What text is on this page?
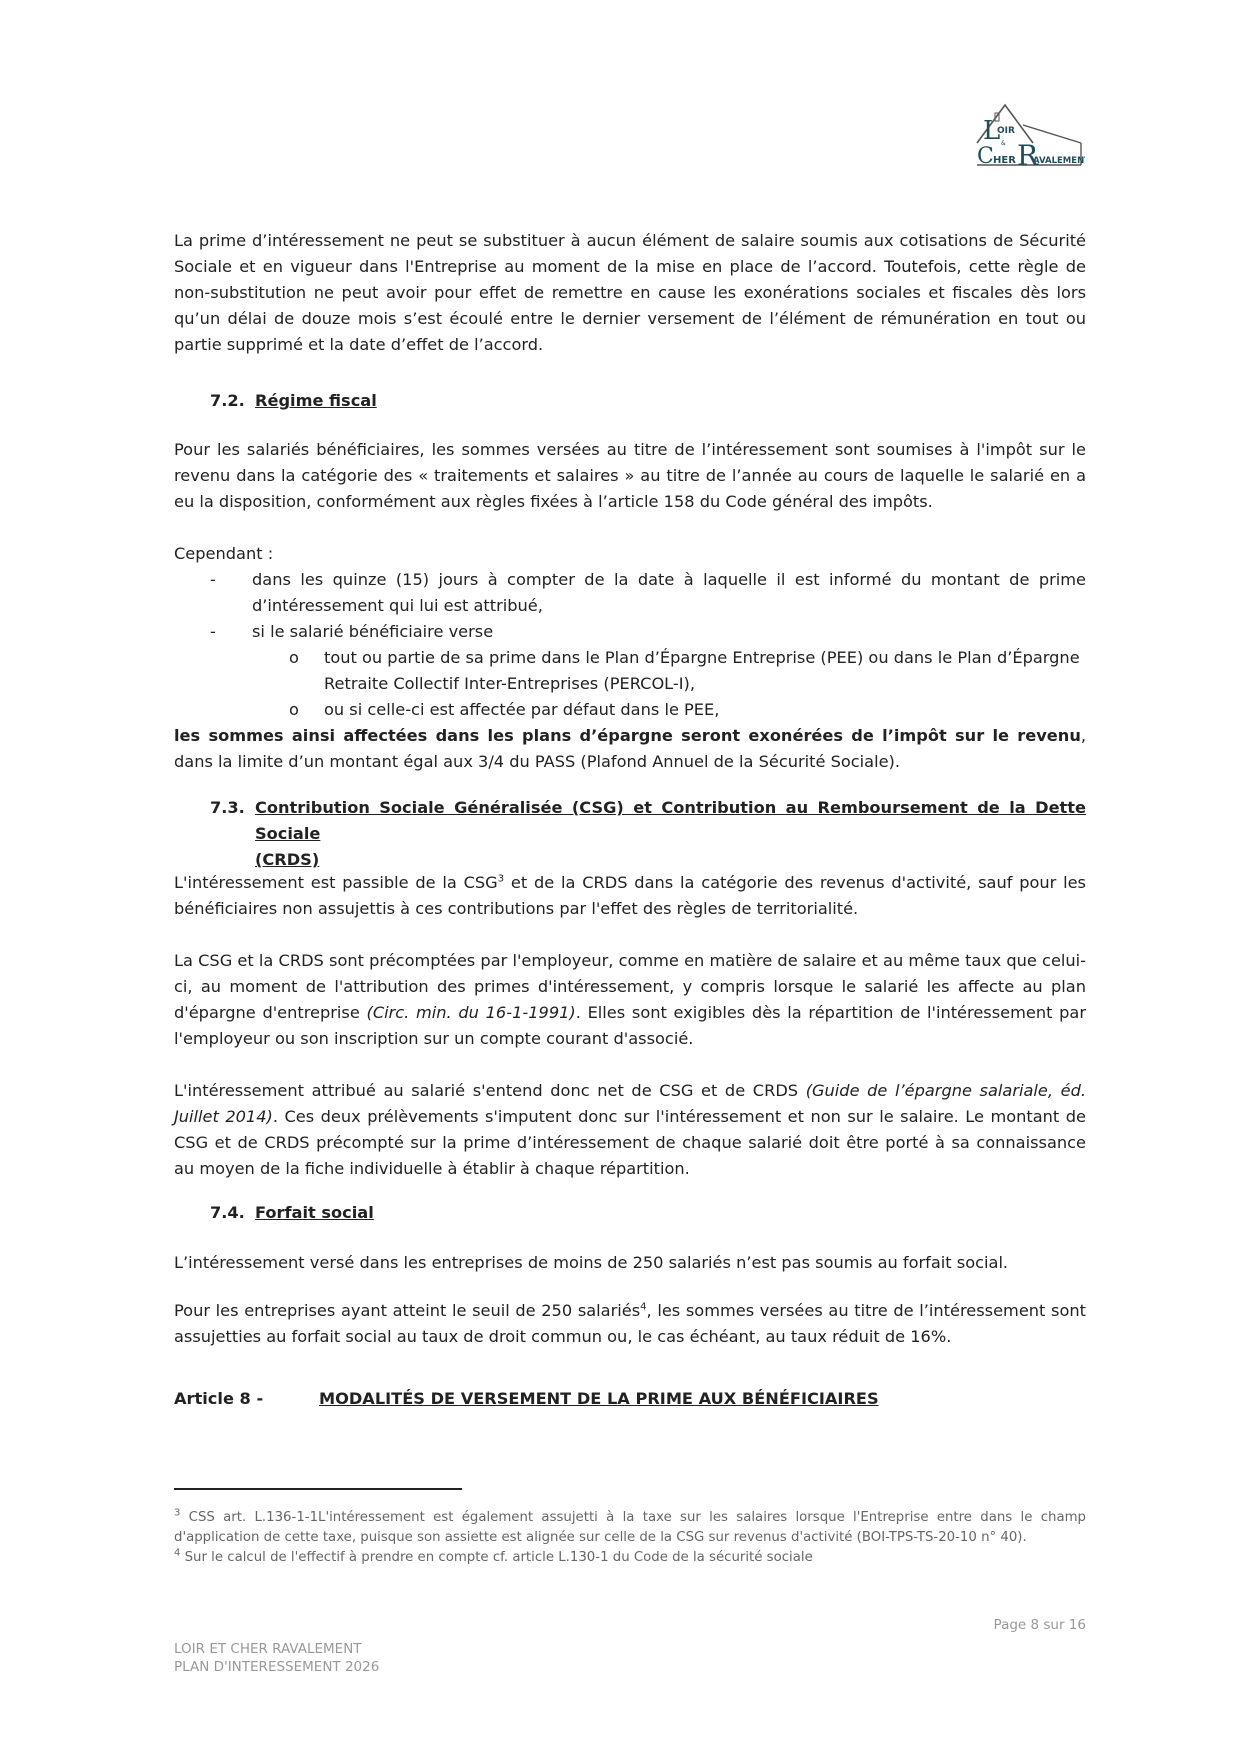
L
OIR
&
C HER R
AVALEMENT

La prime d’intéressement ne peut se substituer à aucun élément de salaire soumis aux cotisations de Sécurité Sociale et en vigueur dans l'Entreprise au moment de la mise en place de l’accord. Toutefois, cette règle de non-substitution ne peut avoir pour effet de remettre en cause les exonérations sociales et fiscales dès lors qu’un délai de douze mois s’est écoulé entre le dernier versement de l’élément de rémunération en tout ou partie supprimé et la date d’effet de l’accord.

7.2. Régime fiscal

Pour les salariés bénéficiaires, les sommes versées au titre de l’intéressement sont soumises à l'impôt sur le revenu dans la catégorie des « traitements et salaires » au titre de l’année au cours de laquelle le salarié en a eu la disposition, conformément aux règles fixées à l’article 158 du Code général des impôts.

Cependant :

- dans les quinze (15) jours à compter de la date à laquelle il est informé du montant de prime d’intéressement qui lui est attribué,

- si le salarié bénéficiaire verse

o tout ou partie de sa prime dans le Plan d’Épargne Entreprise (PEE) ou dans le Plan d’Épargne Retraite Collectif Inter-Entreprises (PERCOL-I),

o ou si celle-ci est affectée par défaut dans le PEE,

les sommes ainsi affectées dans les plans d’épargne seront exonérées de l’impôt sur le revenu, dans la limite d’un montant égal aux 3/4 du PASS (Plafond Annuel de la Sécurité Sociale).

7.3. Contribution Sociale Généralisée (CSG) et Contribution au Remboursement de la Dette Sociale
(CRDS)

L'intéressement est passible de la CSG$^3$ et de la CRDS dans la catégorie des revenus d'activité, sauf pour les bénéficiaires non assujettis à ces contributions par l'effet des règles de territorialité.

La CSG et la CRDS sont précomptées par l'employeur, comme en matière de salaire et au même taux que celui-ci, au moment de l'attribution des primes d'intéressement, y compris lorsque le salarié les affecte au plan d'épargne d'entreprise (Circ. min. du 16-1-1991). Elles sont exigibles dès la répartition de l'intéressement par l'employeur ou son inscription sur un compte courant d'associé.

L'intéressement attribué au salarié s'entend donc net de CSG et de CRDS (Guide de l’épargne salariale, éd. Juillet 2014). Ces deux prélèvements s'imputent donc sur l'intéressement et non sur le salaire. Le montant de CSG et de CRDS précompté sur la prime d’intéressement de chaque salarié doit être porté à sa connaissance au moyen de la fiche individuelle à établir à chaque répartition.

7.4. Forfait social

L’intéressement versé dans les entreprises de moins de 250 salariés n’est pas soumis au forfait social.

Pour les entreprises ayant atteint le seuil de 250 salariés$^4$, les sommes versées au titre de l’intéressement sont assujetties au forfait social au taux de droit commun ou, le cas échéant, au taux réduit de 16%.

Article 8 -	MODALITÉS DE VERSEMENT DE LA PRIME AUX BÉNÉFICIAIRES

$^3$ CSS art. L.136-1-1L'intéressement est également assujetti à la taxe sur les salaires lorsque l'Entreprise entre dans le champ d'application de cette taxe, puisque son assiette est alignée sur celle de la CSG sur revenus d'activité (BOI-TPS-TS-20-10 n° 40).

$^4$ Sur le calcul de l'effectif à prendre en compte cf. article L.130-1 du Code de la sécurité sociale

Page 8 sur 16
LOIR ET CHER RAVALEMENT
PLAN D'INTERESSEMENT 2026
